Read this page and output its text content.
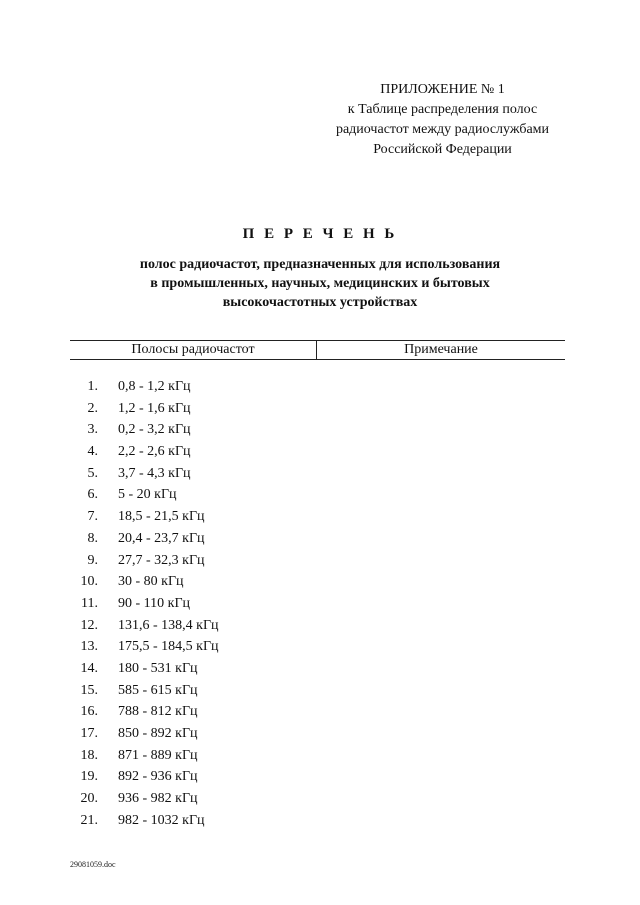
ПРИЛОЖЕНИЕ № 1
к Таблице распределения полос
радиочастот между радиослужбами
Российской Федерации
П Е Р Е Ч Е Н Ь
полос радиочастот, предназначенных для использования
в промышленных, научных, медицинских и бытовых
высокочастотных устройствах
Полосы радиочастот	Примечание
1. 0,8 - 1,2 кГц
2. 1,2 - 1,6 кГц
3. 0,2 - 3,2 кГц
4. 2,2 - 2,6 кГц
5. 3,7 - 4,3 кГц
6. 5 - 20 кГц
7. 18,5 - 21,5 кГц
8. 20,4 - 23,7 кГц
9. 27,7 - 32,3 кГц
10. 30 - 80 кГц
11. 90 - 110 кГц
12. 131,6 - 138,4 кГц
13. 175,5 - 184,5 кГц
14. 180 - 531 кГц
15. 585 - 615 кГц
16. 788 - 812 кГц
17. 850 - 892 кГц
18. 871 - 889 кГц
19. 892 - 936 кГц
20. 936 - 982 кГц
21. 982 - 1032 кГц
29081059.doc
